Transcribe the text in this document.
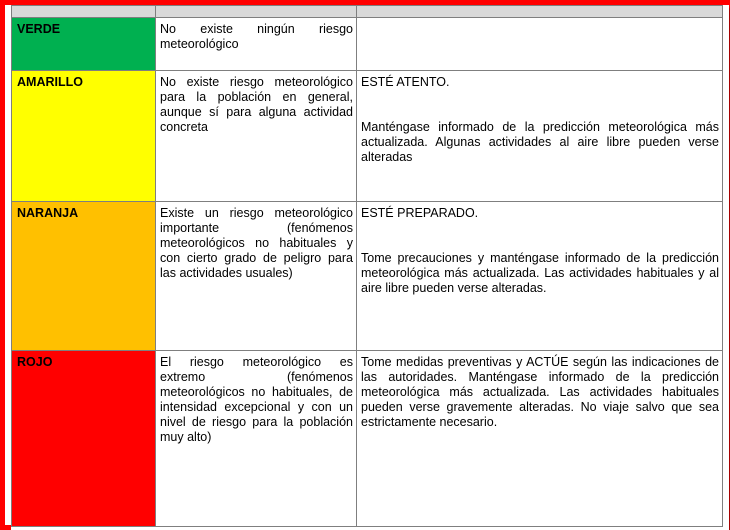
VERDE	No existe ningún riesgo meteorológico	
AMARILLO	No existe riesgo meteorológico para la población en general, aunque sí para alguna actividad concreta	ESTÉ ATENTO.
Manténgase informado de la predicción meteorológica más actualizada. Algunas actividades al aire libre pueden verse alteradas

NARANJA	Existe un riesgo meteorológico importante (fenómenos meteorológicos no habituales y con cierto grado de peligro para las actividades usuales)	ESTÉ PREPARADO.
Tome precauciones y manténgase informado de la predicción meteorológica más actualizada. Las actividades habituales y al aire libre pueden verse alteradas.

ROJO	El riesgo meteorológico es extremo (fenómenos meteorológicos no habituales, de intensidad excepcional y con un nivel de riesgo para la población muy alto)	Tome medidas preventivas y ACTÚE según las indicaciones de las autoridades. Manténgase informado de la predicción meteorológica más actualizada. Las actividades habituales pueden verse gravemente alteradas. No viaje salvo que sea estrictamente necesario.
